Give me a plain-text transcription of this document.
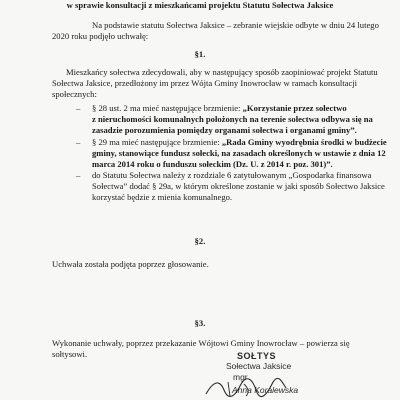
w sprawie konsultacji z mieszkańcami projektu Statutu Sołectwa Jaksice
Na podstawie statutu Sołectwa Jaksice – zebranie wiejskie odbyte w dniu 24 lutego
2020 roku podjęło uchwałę:
§1.
Mieszkańcy sołectwa zdecydowali, aby w następujący sposób zaopiniować projekt Statutu
Sołectwa Jaksice, przedłożony im przez Wójta Gminy Inowrocław w ramach konsultacji
społecznych:
– § 28 ust. 2 ma mieć następujące brzmienie: „Korzystanie przez sołectwo
z nieruchomości komunalnych położonych na terenie sołectwa odbywa się na
zasadzie porozumienia pomiędzy organami sołectwa i organami gminy”.
– § 29 ma mieć następujące brzmienie: „Rada Gminy wyodrębnia środki w budżecie
gminy, stanowiące fundusz sołecki, na zasadach określonych w ustawie z dnia 12
marca 2014 roku o funduszu sołeckim (Dz. U. z 2014 r. poz. 301)”.
– do Statutu Sołectwa należy z rozdziale 6 zatytułowanym „Gospodarka finansowa
Sołectwa” dodać § 29a, w którym określone zostanie w jaki sposób Sołectwo Jaksice
korzystać będzie z mienia komunalnego.
§2.
Uchwała została podjęta poprzez głosowanie.
§3.
Wykonanie uchwały, poprzez przekazanie Wójtowi Gminy Inowrocław – powierza się
sołtysowi.	SOŁTYS
Sołectwa Jaksice
mgr
Anna Koralewska
